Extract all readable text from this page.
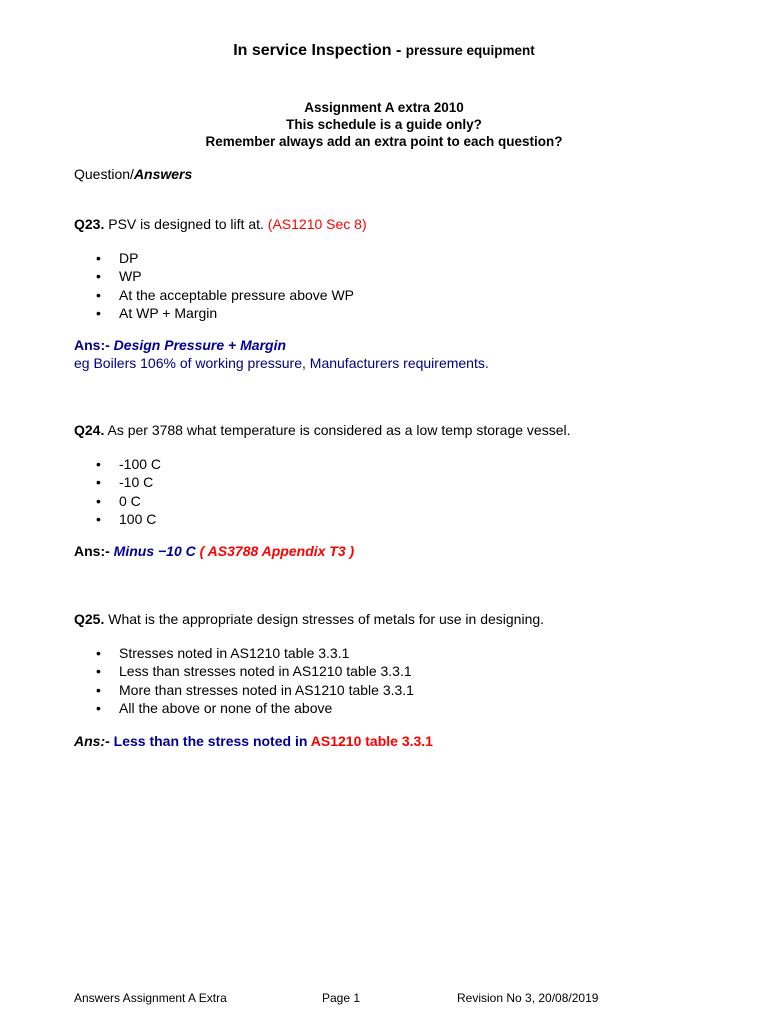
In service Inspection - pressure equipment
Assignment A extra 2010
This schedule is a guide only?
Remember always add an extra point to each question?
Question/Answers
Q23. PSV is designed to lift at. (AS1210 Sec 8)
• DP
• WP
• At the acceptable pressure above WP
• At WP + Margin
Ans:- Design Pressure + Margin
eg Boilers 106% of working pressure, Manufacturers requirements.
Q24. As per 3788 what temperature is considered as a low temp storage vessel.
• -100 C
• -10 C
• 0 C
• 100 C
Ans:- Minus −10 C ( AS3788 Appendix T3 )
Q25. What is the appropriate design stresses of metals for use in designing.
• Stresses noted in AS1210 table 3.3.1
• Less than stresses noted in AS1210 table 3.3.1
• More than stresses noted in AS1210 table 3.3.1
• All the above or none of the above
Ans:- Less than the stress noted in AS1210 table 3.3.1
Answers Assignment A Extra	Page 1	Revision No 3, 20/08/2019
